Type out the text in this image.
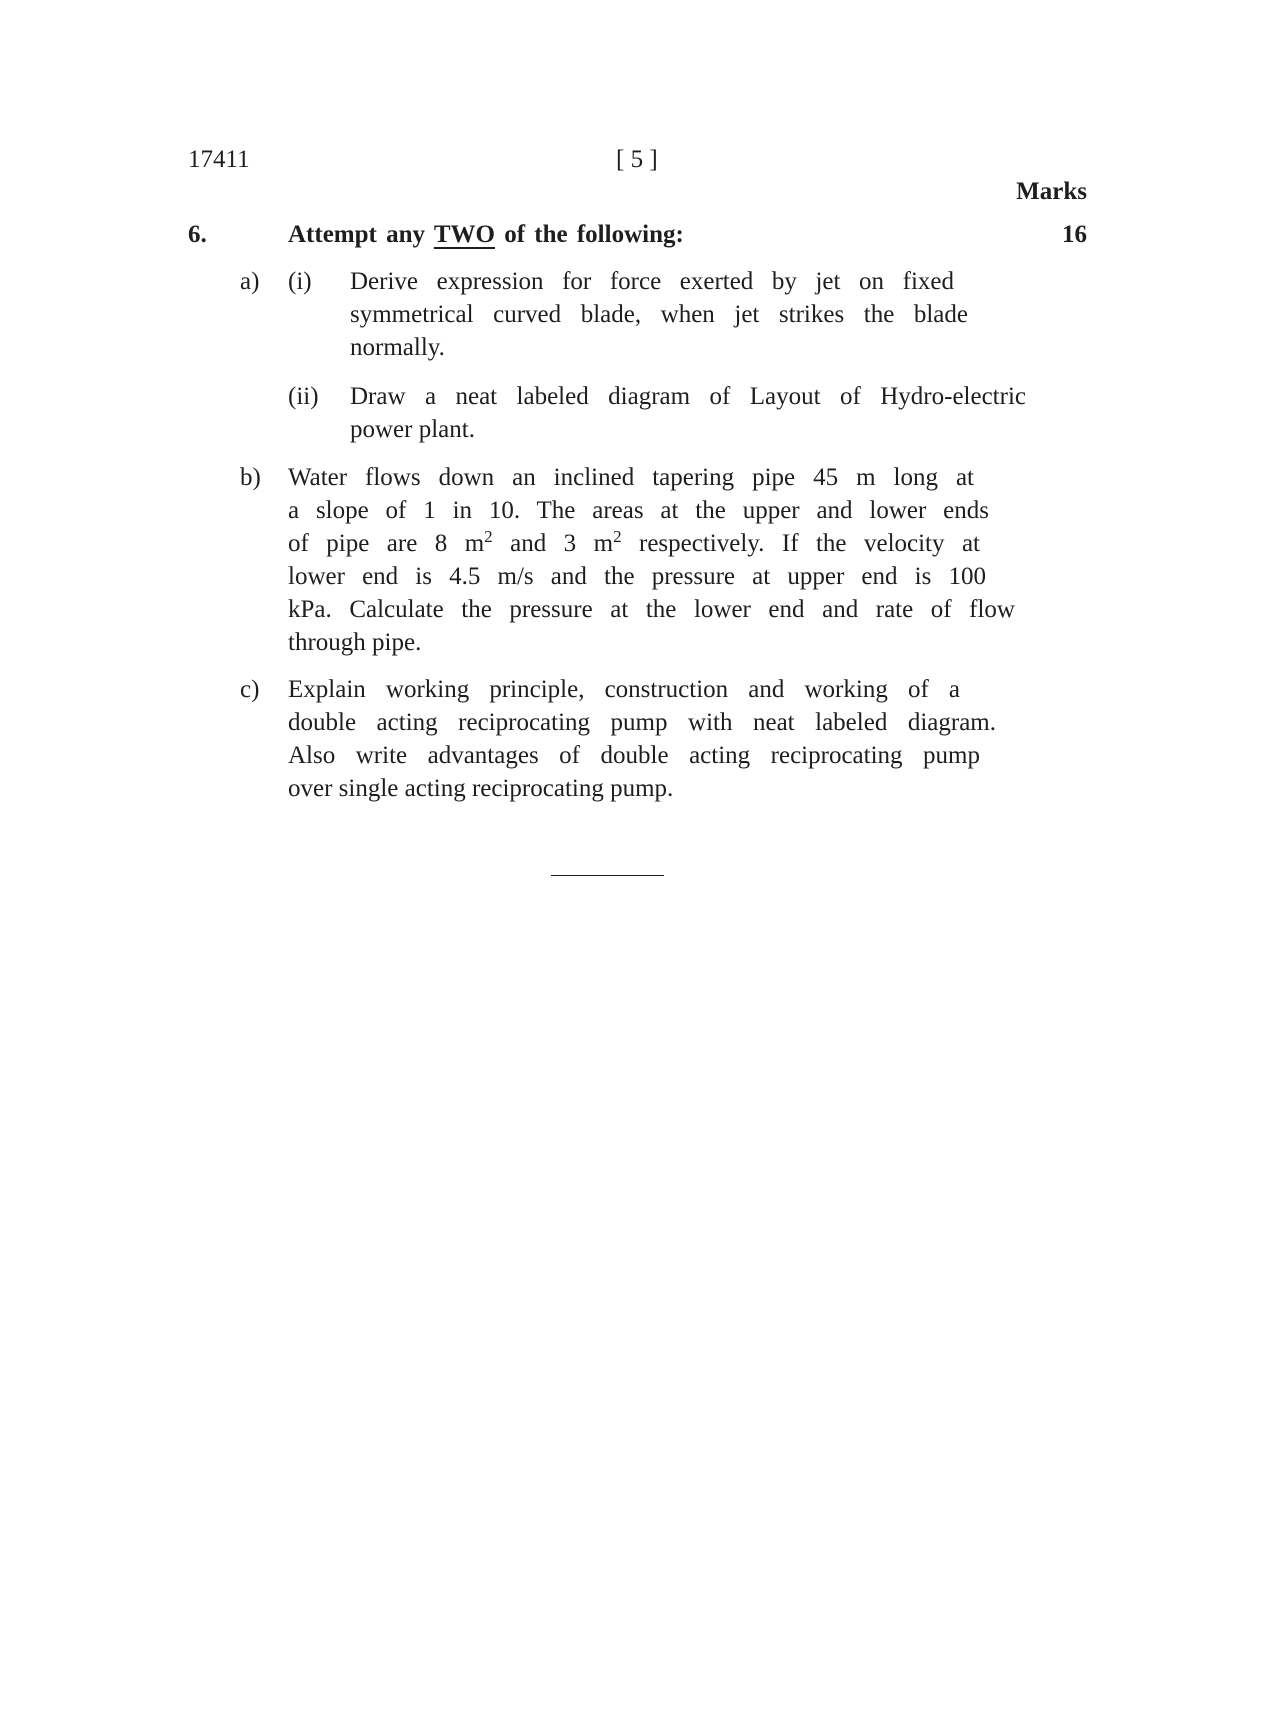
17411	[ 5 ]
Marks
6.	Attempt any TWO of the following:	16
a) (i) Derive expression for force exerted by jet on fixed
symmetrical curved blade, when jet strikes the blade
normally.
(ii) Draw a neat labeled diagram of Layout of Hydro-electric
power plant.
b) Water flows down an inclined tapering pipe 45 m long at
a slope of 1 in 10. The areas at the upper and lower ends
of pipe are 8 $m^2$ and 3 $m^2$ respectively. If the velocity at
lower end is 4.5 m/s and the pressure at upper end is 100
kPa. Calculate the pressure at the lower end and rate of flow
through pipe.
c) Explain working principle, construction and working of a
double acting reciprocating pump with neat labeled diagram.
Also write advantages of double acting reciprocating pump
over single acting reciprocating pump.
